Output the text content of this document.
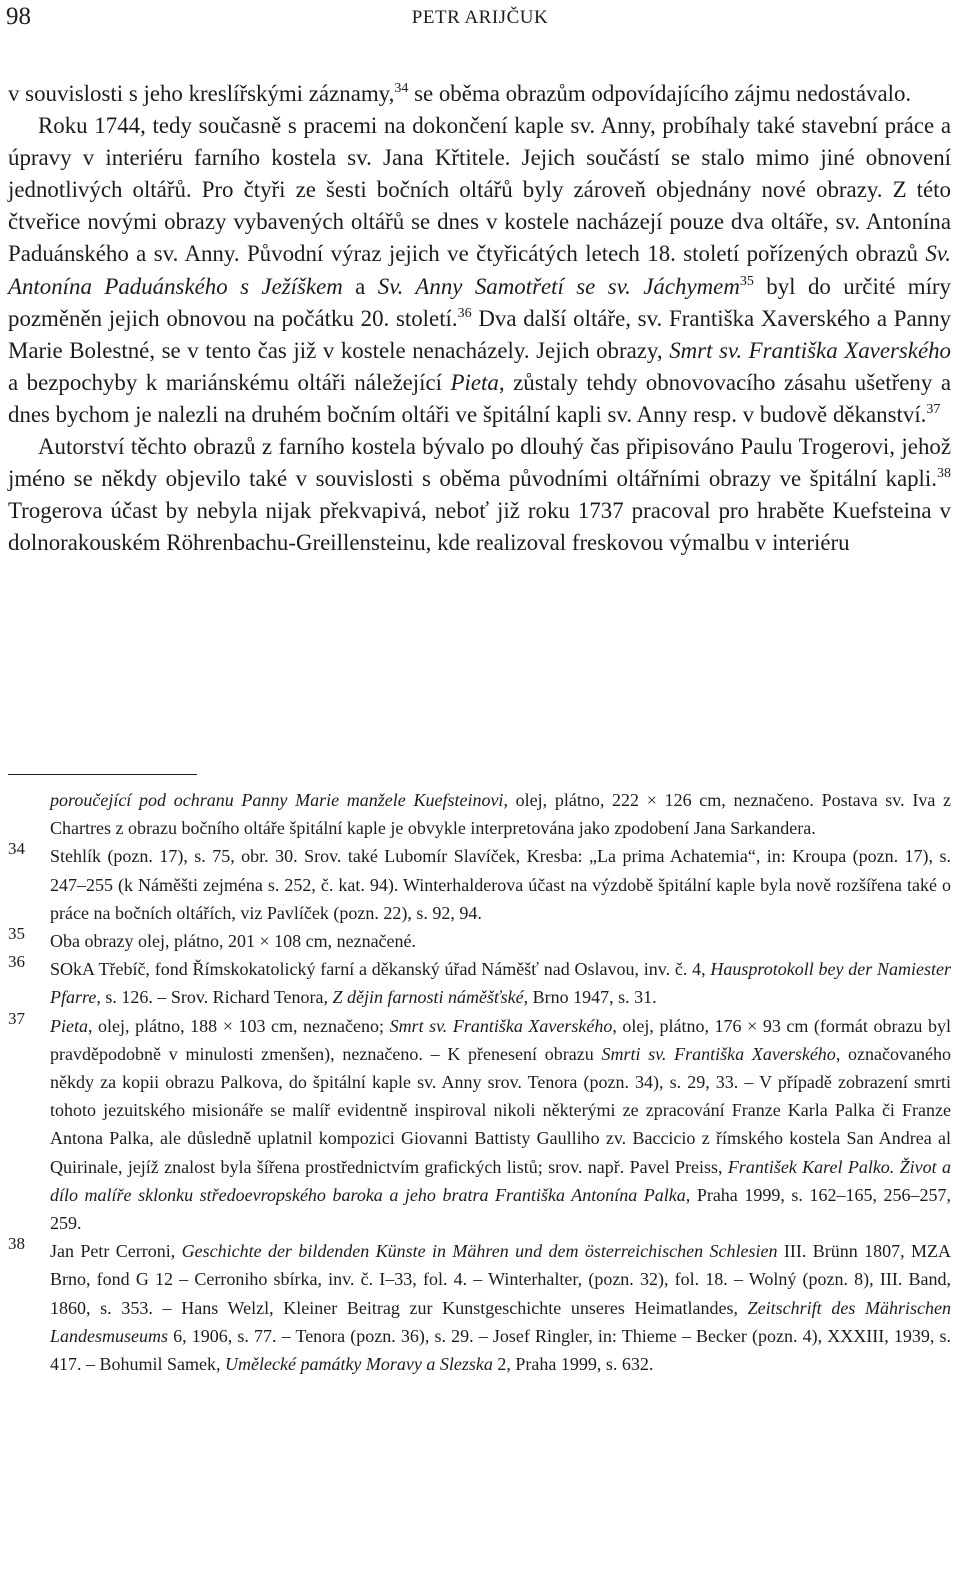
98	PETR ARIJČUK

v souvislosti s jeho kreslířskými záznamy,$^{34}$ se oběma obrazům odpovídajícího zájmu nedostávalo.

Roku 1744, tedy současně s pracemi na dokončení kaple sv. Anny, probíhaly také stavební práce a úpravy v interiéru farního kostela sv. Jana Křtitele. Jejich součástí se stalo mimo jiné obnovení jednotlivých oltářů. Pro čtyři ze šesti bočních oltářů byly zároveň objednány nové obrazy. Z této čtveřice novými obrazy vybavených oltářů se dnes v kostele nacházejí pouze dva oltáře, sv. Antonína Paduánského a sv. Anny. Původní výraz jejich ve čtyřicátých letech 18. století pořízených obrazů Sv. Antonína Paduánského s Ježíškem a Sv. Anny Samotřetí se sv. Jáchymem$^{35}$ byl do určité míry pozměněn jejich obnovou na počátku 20. století.$^{36}$ Dva další oltáře, sv. Františka Xaverského a Panny Marie Bolestné, se v tento čas již v kostele nenacházely. Jejich obrazy, Smrt sv. Františka Xaverského a bezpochyby k mariánskému oltáři náležející Pieta, zůstaly tehdy obnovovacího zásahu ušetřeny a dnes bychom je nalezli na druhém bočním oltáři ve špitální kapli sv. Anny resp. v budově děkanství.$^{37}$

Autorství těchto obrazů z farního kostela bývalo po dlouhý čas připisováno Paulu Trogerovi, jehož jméno se někdy objevilo také v souvislosti s oběma původními oltářními obrazy ve špitální kapli.$^{38}$ Trogerova účast by nebyla nijak překvapivá, neboť již roku 1737 pracoval pro hraběte Kuefsteina v dolnorakouském Röhrenbachu-Greillensteinu, kde realizoval freskovou výmalbu v interiéru

poroučející pod ochranu Panny Marie manžele Kuefsteinovi, olej, plátno, 222 × 126 cm, neznačeno. Postava sv. Iva z Chartres z obrazu bočního oltáře špitální kaple je obvykle interpretována jako zpodobení Jana Sarkandera.
34 Stehlík (pozn. 17), s. 75, obr. 30. Srov. také Lubomír Slavíček, Kresba: „La prima Achatemia“, in: Kroupa (pozn. 17), s. 247–255 (k Náměšti zejména s. 252, č. kat. 94). Winterhalderova účast na výzdobě špitální kaple byla nově rozšířena také o práce na bočních oltářích, viz Pavlíček (pozn. 22), s. 92, 94.
35 Oba obrazy olej, plátno, 201 × 108 cm, neznačené.
36 SOkA Třebíč, fond Římskokatolický farní a děkanský úřad Náměšť nad Oslavou, inv. č. 4, Hausprotokoll bey der Namiester Pfarre, s. 126. – Srov. Richard Tenora, Z dějin farnosti náměšťské, Brno 1947, s. 31.
37 Pieta, olej, plátno, 188 × 103 cm, neznačeno; Smrt sv. Františka Xaverského, olej, plátno, 176 × 93 cm (formát obrazu byl pravděpodobně v minulosti zmenšen), neznačeno. – K přenesení obrazu Smrti sv. Františka Xaverského, označovaného někdy za kopii obrazu Palkova, do špitální kaple sv. Anny srov. Tenora (pozn. 34), s. 29, 33. – V případě zobrazení smrti tohoto jezuitského misionáře se malíř evidentně inspiroval nikoli některými ze zpracování Franze Karla Palka či Franze Antona Palka, ale důsledně uplatnil kompozici Giovanni Battisty Gaulliho zv. Baccicio z římského kostela San Andrea al Quirinale, jejíž znalost byla šířena prostřednictvím grafických listů; srov. např. Pavel Preiss, František Karel Palko. Život a dílo malíře sklonku středoevropského baroka a jeho bratra Františka Antonína Palka, Praha 1999, s. 162–165, 256–257, 259.
38 Jan Petr Cerroni, Geschichte der bildenden Künste in Mähren und dem österreichischen Schlesien III. Brünn 1807, MZA Brno, fond G 12 – Cerroniho sbírka, inv. č. I–33, fol. 4. – Winterhalter, (pozn. 32), fol. 18. – Wolný (pozn. 8), III. Band, 1860, s. 353. – Hans Welzl, Kleiner Beitrag zur Kunstgeschichte unseres Heimatlandes, Zeitschrift des Mährischen Landesmuseums 6, 1906, s. 77. – Tenora (pozn. 36), s. 29. – Josef Ringler, in: Thieme – Becker (pozn. 4), XXXIII, 1939, s. 417. – Bohumil Samek, Umělecké památky Moravy a Slezska 2, Praha 1999, s. 632.
